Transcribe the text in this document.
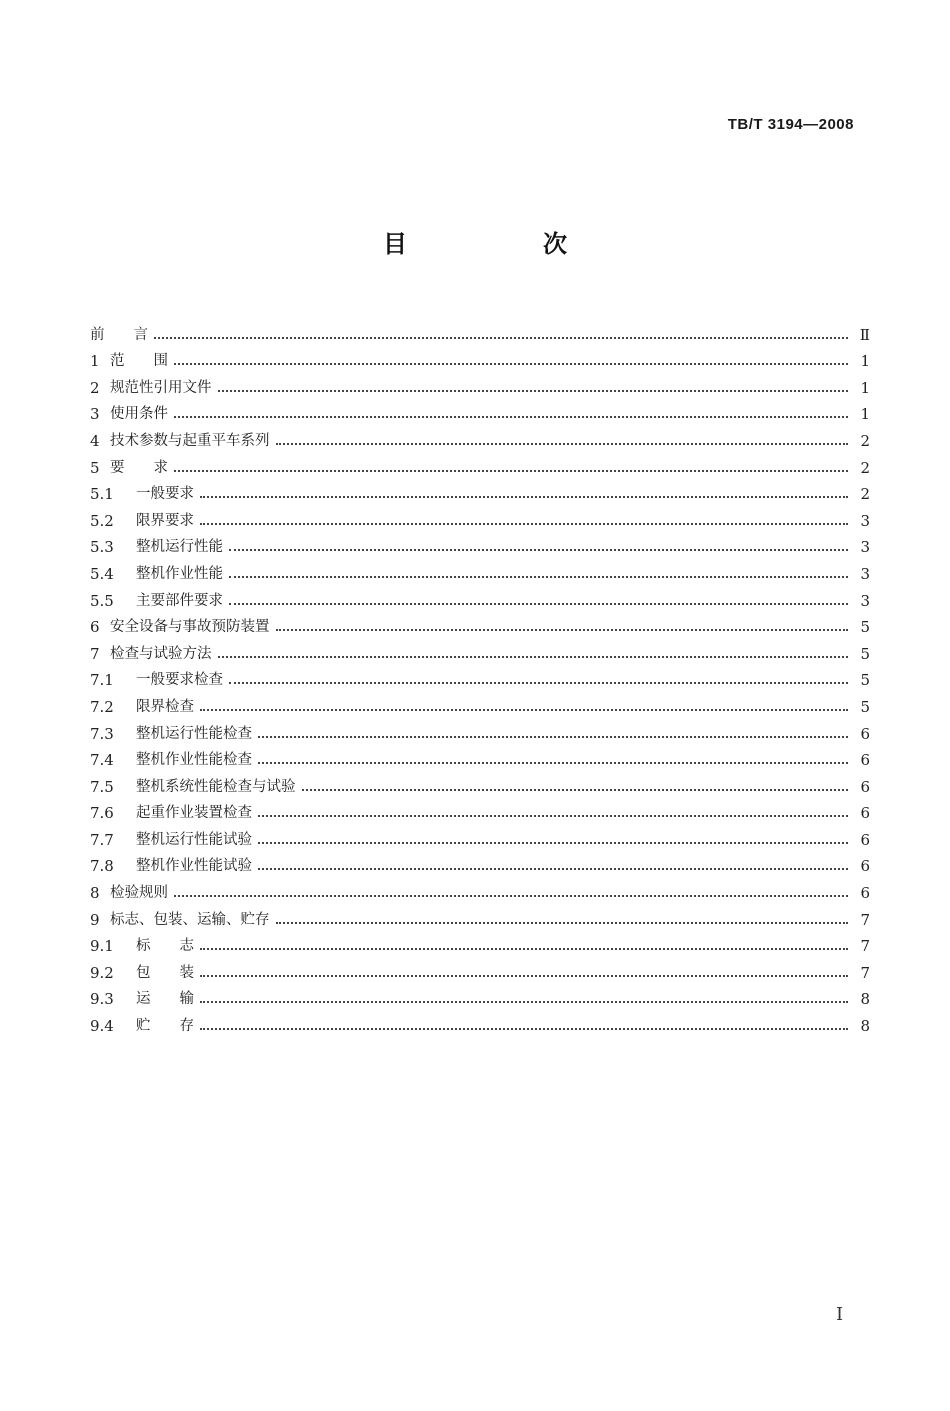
TB/T 3194—2008
目　次
前　　言	Ⅱ
1 范　　围	1
2 规范性引用文件	1
3 使用条件	1
4 技术参数与起重平车系列	2
5 要　　求	2
5.1	一般要求	2
5.2	限界要求	3
5.3	整机运行性能	3
5.4	整机作业性能	3
5.5	主要部件要求	3
6 安全设备与事故预防装置	5
7 检查与试验方法	5
7.1	一般要求检查	5
7.2	限界检查	5
7.3	整机运行性能检查	6
7.4	整机作业性能检查	6
7.5	整机系统性能检查与试验	6
7.6	起重作业装置检查	6
7.7	整机运行性能试验	6
7.8	整机作业性能试验	6
8 检验规则	6
9 标志、包装、运输、贮存	7
9.1	标　　志	7
9.2	包　　装	7
9.3	运　　输	8
9.4	贮　　存	8
I
